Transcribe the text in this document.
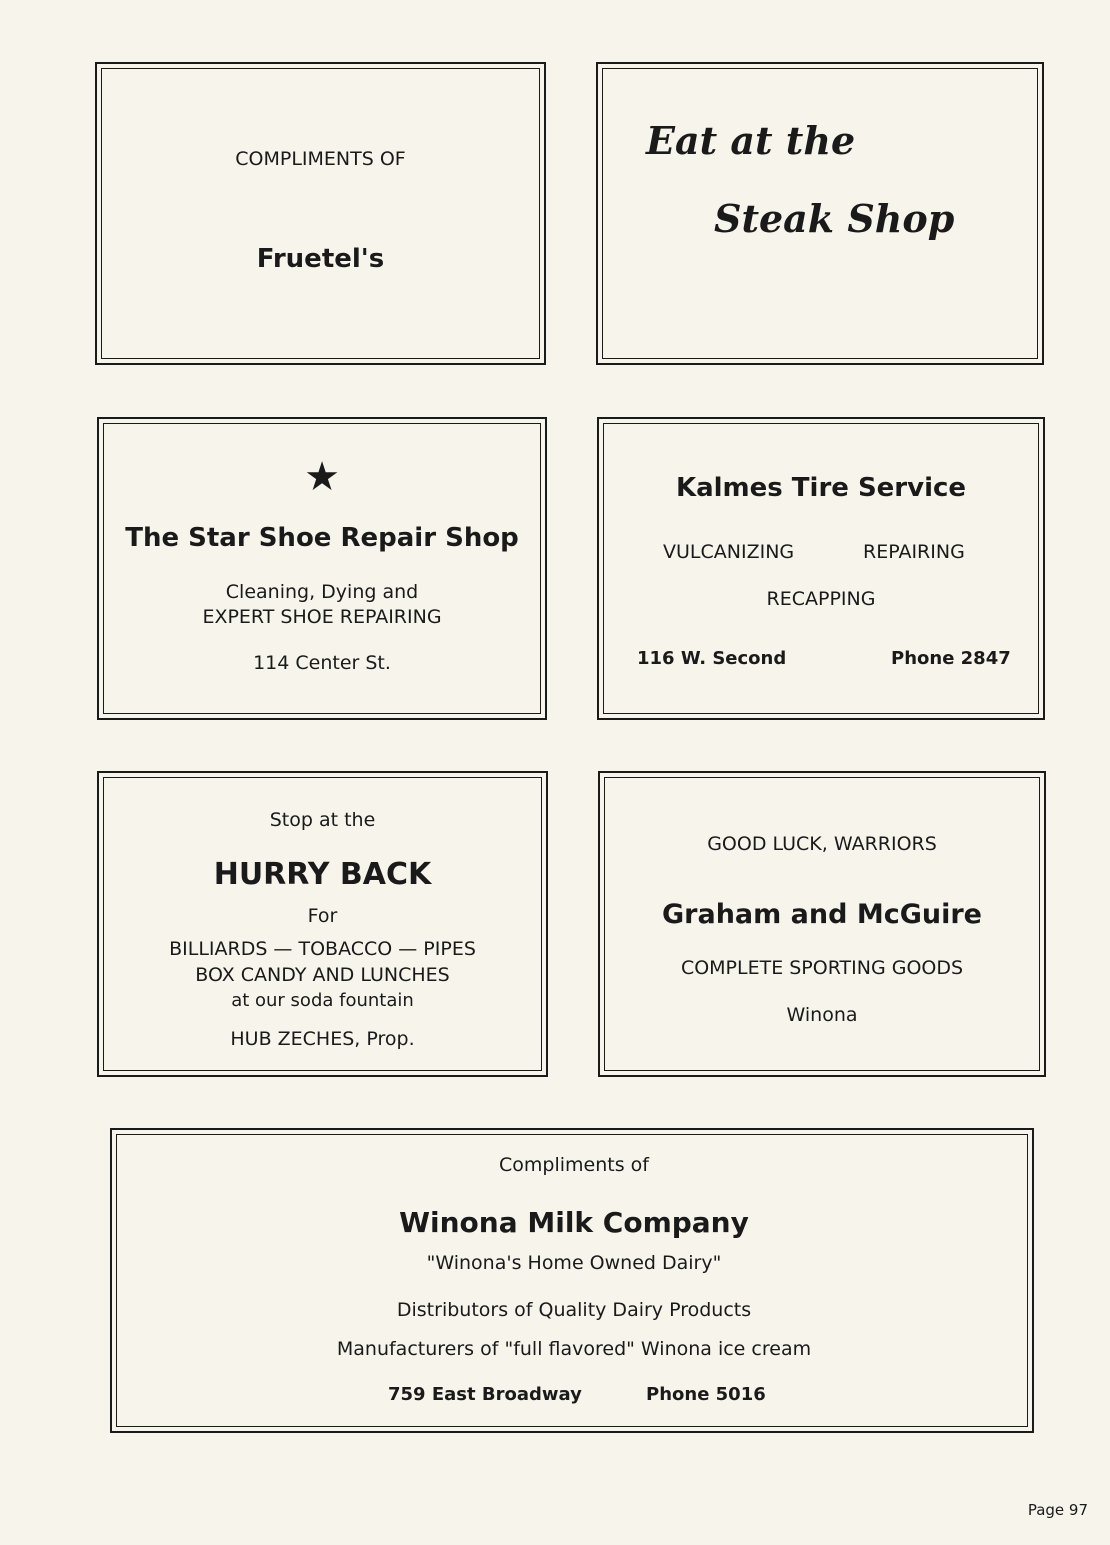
COMPLIMENTS OF
Fruetel's
Eat at the
Steak Shop
★
The Star Shoe Repair Shop
Cleaning, Dying and
EXPERT SHOE REPAIRING
114 Center St.
Kalmes Tire Service
VULCANIZING	REPAIRING
RECAPPING
116 W. Second	Phone 2847
Stop at the
HURRY BACK
For
BILLIARDS — TOBACCO — PIPES
BOX CANDY AND LUNCHES
at our soda fountain
HUB ZECHES, Prop.
GOOD LUCK, WARRIORS
Graham and McGuire
COMPLETE SPORTING GOODS
Winona
Compliments of
Winona Milk Company
"Winona's Home Owned Dairy"
Distributors of Quality Dairy Products
Manufacturers of "full flavored" Winona ice cream
759 East Broadway	Phone 5016
Page 97
